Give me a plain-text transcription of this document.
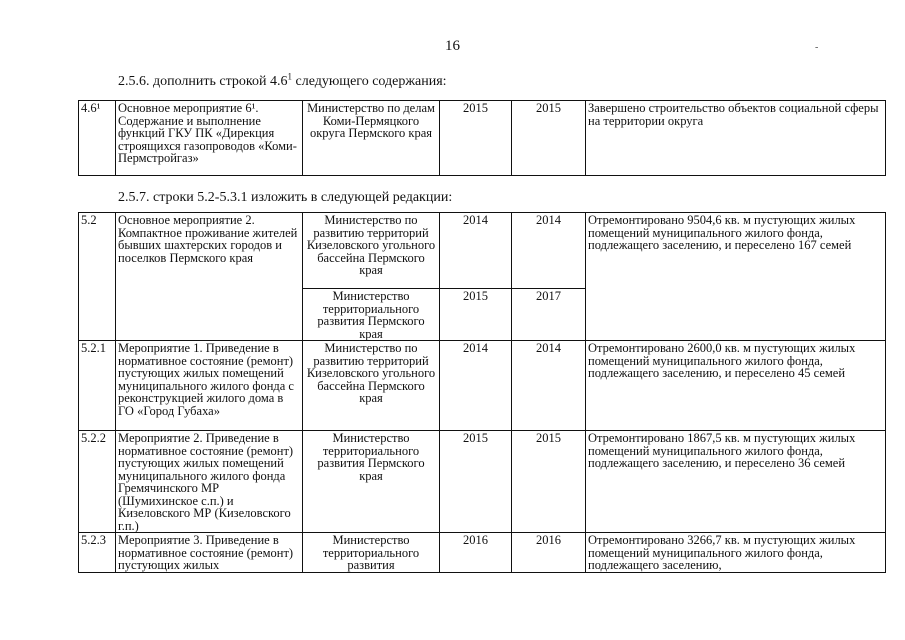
16
2.5.6. дополнить строкой $4.6^1$ следующего содержания:
4.6¹	Основное мероприятие 6¹. Содержание и выполнение функций ГКУ ПК «Дирекция строящихся газопроводов «Коми-Пермстройгаз»	Министерство по делам Коми-Пермяцкого округа Пермского края	2015	2015	Завершено строительство объектов социальной сферы на территории округа
2.5.7. строки 5.2-5.3.1 изложить в следующей редакции:
5.2	Основное мероприятие 2. Компактное проживание жителей бывших шахтерских городов и поселков Пермского края	Министерство по развитию территорий Кизеловского угольного бассейна Пермского края	2014	2014	Отремонтировано 9504,6 кв. м пустующих жилых помещений муниципального жилого фонда, подлежащего заселению, и переселено 167 семей
		Министерство территориального развития Пермского края	2015	2017	
5.2.1	Мероприятие 1. Приведение в нормативное состояние (ремонт) пустующих жилых помещений муниципального жилого фонда с реконструкцией жилого дома в ГО «Город Губаха»	Министерство по развитию территорий Кизеловского угольного бассейна Пермского края	2014	2014	Отремонтировано 2600,0 кв. м пустующих жилых помещений муниципального жилого фонда, подлежащего заселению, и переселено 45 семей
5.2.2	Мероприятие 2. Приведение в нормативное состояние (ремонт) пустующих жилых помещений муниципального жилого фонда Гремячинского МР (Шумихинское с.п.) и Кизеловского МР (Кизеловского г.п.)	Министерство территориального развития Пермского края	2015	2015	Отремонтировано 1867,5 кв. м пустующих жилых помещений муниципального жилого фонда, подлежащего заселению, и переселено 36 семей
5.2.3	Мероприятие 3. Приведение в нормативное состояние (ремонт) пустующих жилых	Министерство территориального развития	2016	2016	Отремонтировано 3266,7 кв. м пустующих жилых помещений муниципального жилого фонда, подлежащего заселению,
-
